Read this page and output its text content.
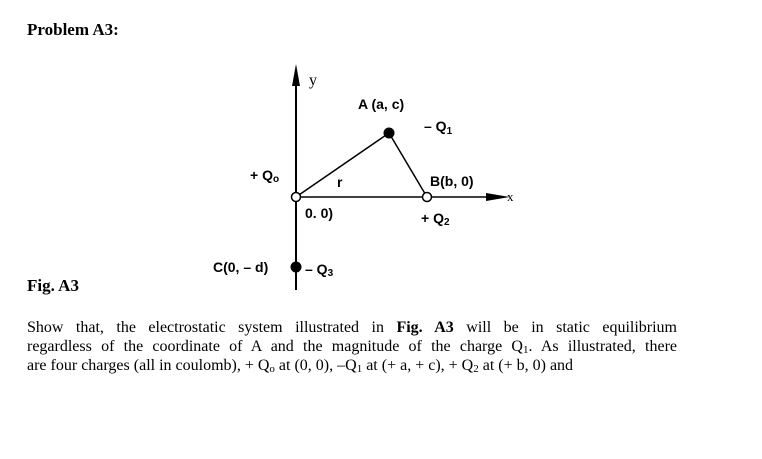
Problem A3:
y
x
A (a, c)
– $Q_1$
+ Qo	r	B(b, 0)
0. 0)	+ Q2
C(0, – d)	– Q3
Fig. A3
Show that, the electrostatic system illustrated in Fig. A3 will be in static equilibrium
regardless of the coordinate of A and the magnitude of the charge $Q_1$. As illustrated, there
are four charges (all in coulomb), + $Q_o$ at (0, 0), $-Q_1$ at (+ a, + c), + $Q_2$ at (+ b, 0) and
